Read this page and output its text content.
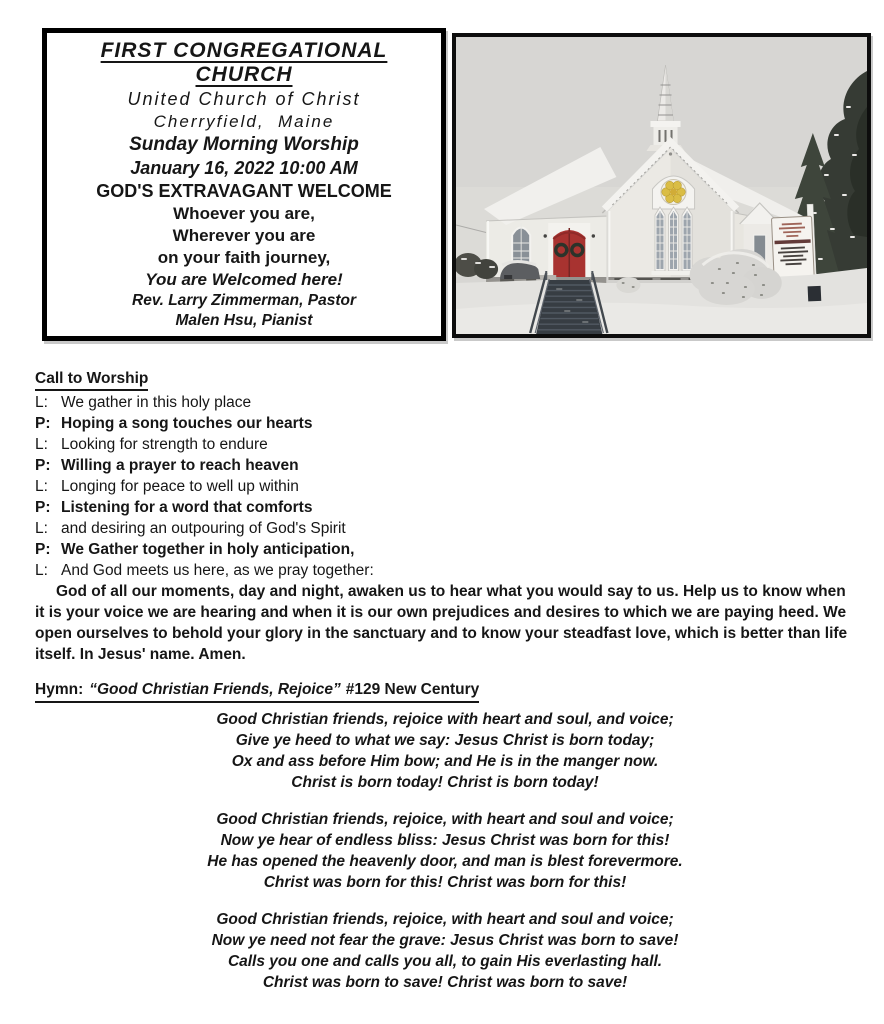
FIRST CONGREGATIONAL CHURCH
United Church of Christ
Cherryfield,  Maine
Sunday Morning Worship
January 16, 2022 10:00 AM
GOD'S EXTRAVAGANT WELCOME
Whoever you are,
Wherever you are
on your faith journey,
You are Welcomed here!
Rev. Larry Zimmerman, Pastor
Malen Hsu, Pianist
Call to Worship
L: We gather in this holy place
P: Hoping a song touches our hearts
L: Looking for strength to endure
P: Willing a prayer to reach heaven
L: Longing for peace to well up within
P: Listening for a word that comforts
L: and desiring an outpouring of God's Spirit
P: We Gather together in holy anticipation,
L: And God meets us here, as we pray together:

God of all our moments, day and night, awaken us to hear what you would say to us. Help us to know when it is your voice we are hearing and when it is our own prejudices and desires to which we are paying heed. We open ourselves to behold your glory in the sanctuary and to know your steadfast love, which is better than life itself. In Jesus' name. Amen.

Hymn: “Good Christian Friends, Rejoice” #129 New Century
Good Christian friends, rejoice with heart and soul, and voice;
Give ye heed to what we say: Jesus Christ is born today;
Ox and ass before Him bow; and He is in the manger now.
Christ is born today! Christ is born today!
Good Christian friends, rejoice, with heart and soul and voice;
Now ye hear of endless bliss: Jesus Christ was born for this!
He has opened the heavenly door, and man is blest forevermore.
Christ was born for this! Christ was born for this!
Good Christian friends, rejoice, with heart and soul and voice;
Now ye need not fear the grave: Jesus Christ was born to save!
Calls you one and calls you all, to gain His everlasting hall.
Christ was born to save! Christ was born to save!
